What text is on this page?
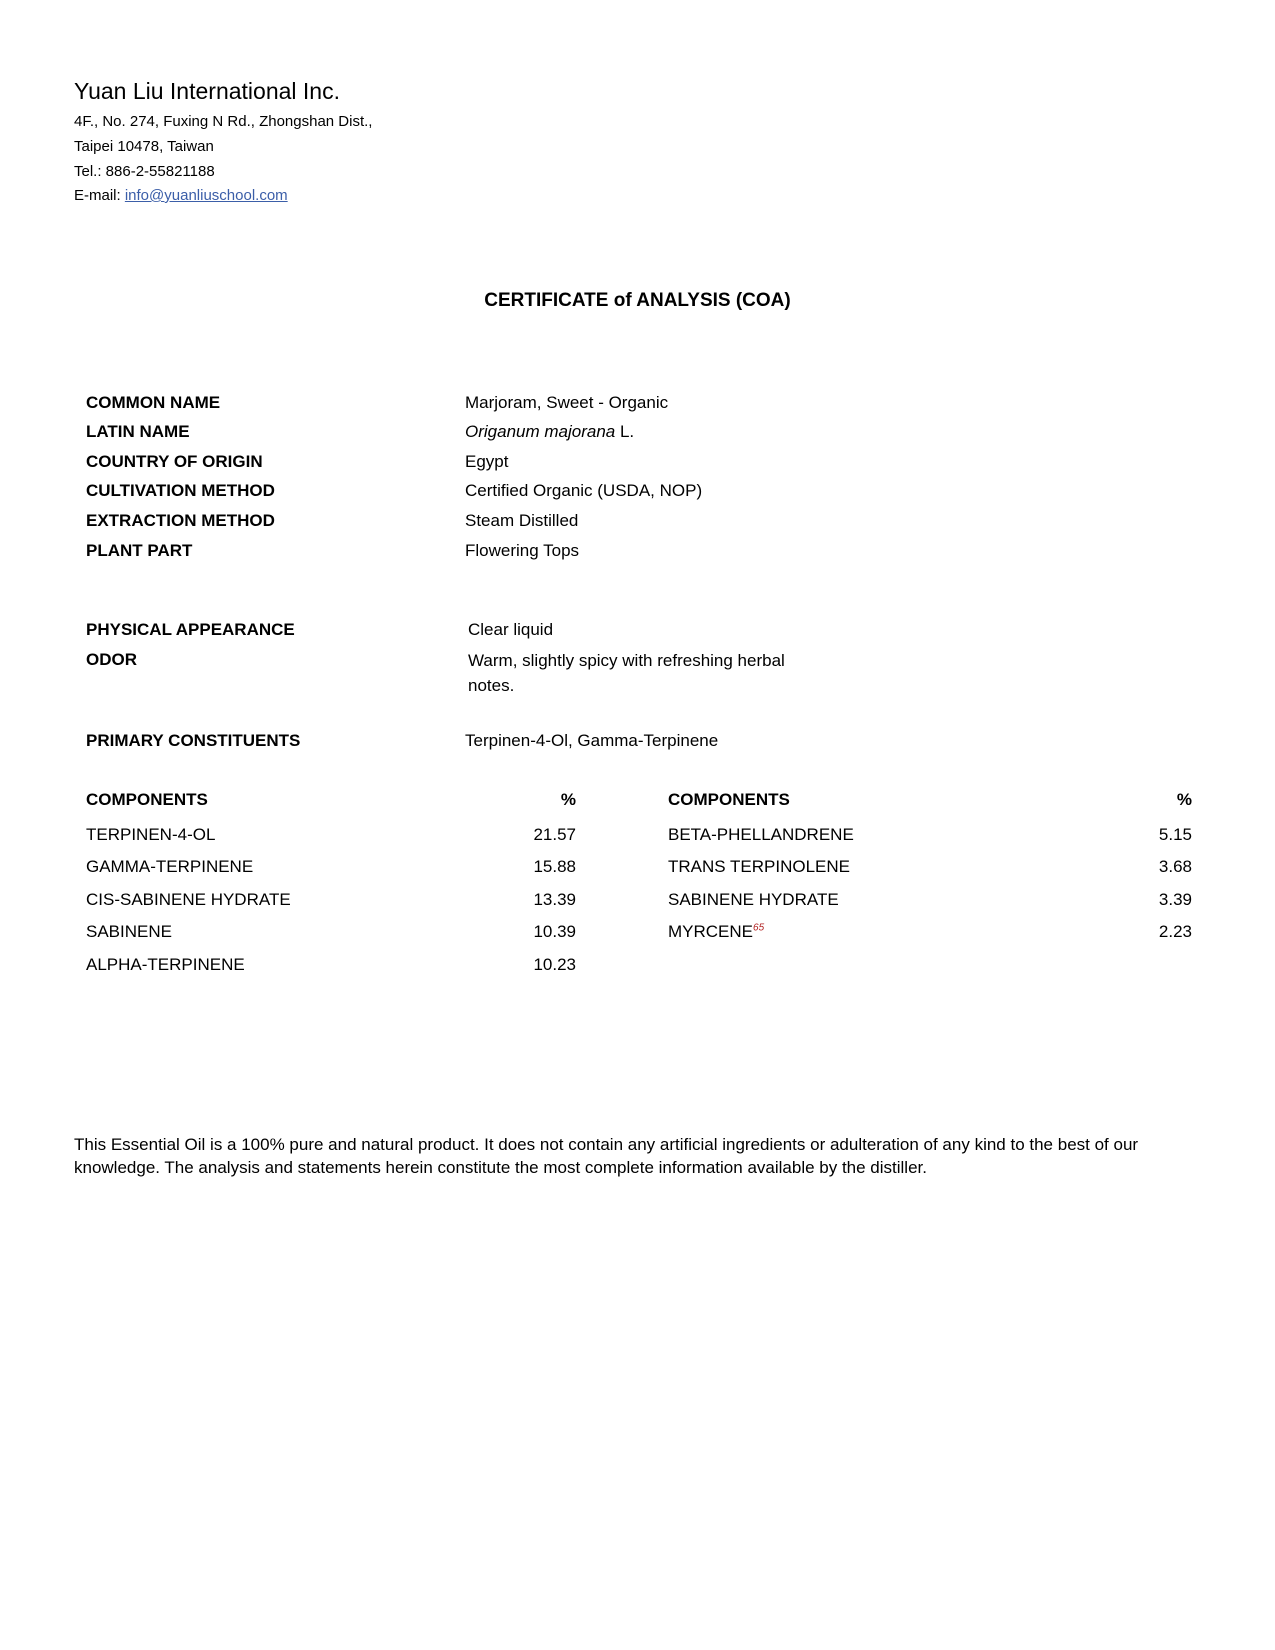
Yuan Liu International Inc.
4F., No. 274, Fuxing N Rd., Zhongshan Dist.,
Taipei 10478, Taiwan
Tel.: 886-2-55821188
E-mail: info@yuanliuschool.com
CERTIFICATE of ANALYSIS (COA)
COMMON NAME	Marjoram, Sweet - Organic
LATIN NAME	Origanum majorana L.
COUNTRY OF ORIGIN	Egypt
CULTIVATION METHOD	Certified Organic (USDA, NOP)
EXTRACTION METHOD	Steam Distilled
PLANT PART	Flowering Tops
PHYSICAL APPEARANCE	Clear liquid
ODOR	Warm, slightly spicy with refreshing herbal notes.
PRIMARY CONSTITUENTS	Terpinen-4-Ol, Gamma-Terpinene
COMPONENTS	%	COMPONENTS	%
TERPINEN-4-OL	21.57
GAMMA-TERPINENE	15.88
CIS-SABINENE HYDRATE	13.39
SABINENE	10.39
ALPHA-TERPINENE	10.23
BETA-PHELLANDRENE	5.15
TRANS TERPINOLENE	3.68
SABINENE HYDRATE	3.39
MYRCENE$^{65}$	2.23
This Essential Oil is a 100% pure and natural product. It does not contain any artificial ingredients or adulteration of any kind to the best of our knowledge. The analysis and statements herein constitute the most complete information available by the distiller.
